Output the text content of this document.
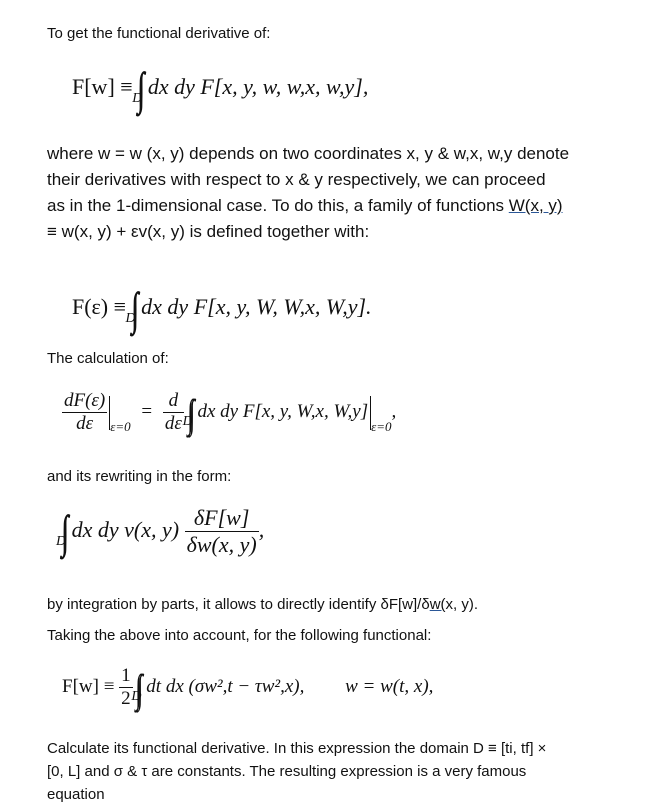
To get the functional derivative of:
F[w] ≡ $_D$ dx dy F[x, y, w, w,x, w,y],
where w = w (x, y) depends on two coordinates x, y & w,x, w,y denote
their derivatives with respect to x & y respectively, we can proceed
as in the 1-dimensional case. To do this, a family of functions W(x, y)
≡ w(x, y) + εv(x, y) is defined together with:
F(ε) ≡ $_D$ dx dy F[x, y, W, W,x, W,y].
The calculation of:
$\frac{dF(\varepsilon)}{d\varepsilon} _{\varepsilon=0} = \frac{d}{d\varepsilon}$
$_D$ dx dy F[x, y, W,x, $W,y]_{\varepsilon=0}$,
and its rewriting in the form:
$_D$ dx dy v(x, $y) \frac{\delta F[w]}{\delta w(x, y)}$ ,
by integration by parts, it allows to directly identify δF[w]/δw(x, y).
Taking the above into account, for the following functional:
$F[w] \equiv \frac{1}{2}$
$_D$ dt dx (σw²,t − τw²,x), w = w(t, x),
Calculate its functional derivative. In this expression the domain D ≡ [ti, tf] ×
[0, L] and σ & τ are constants. The resulting expression is a very famous
equation
